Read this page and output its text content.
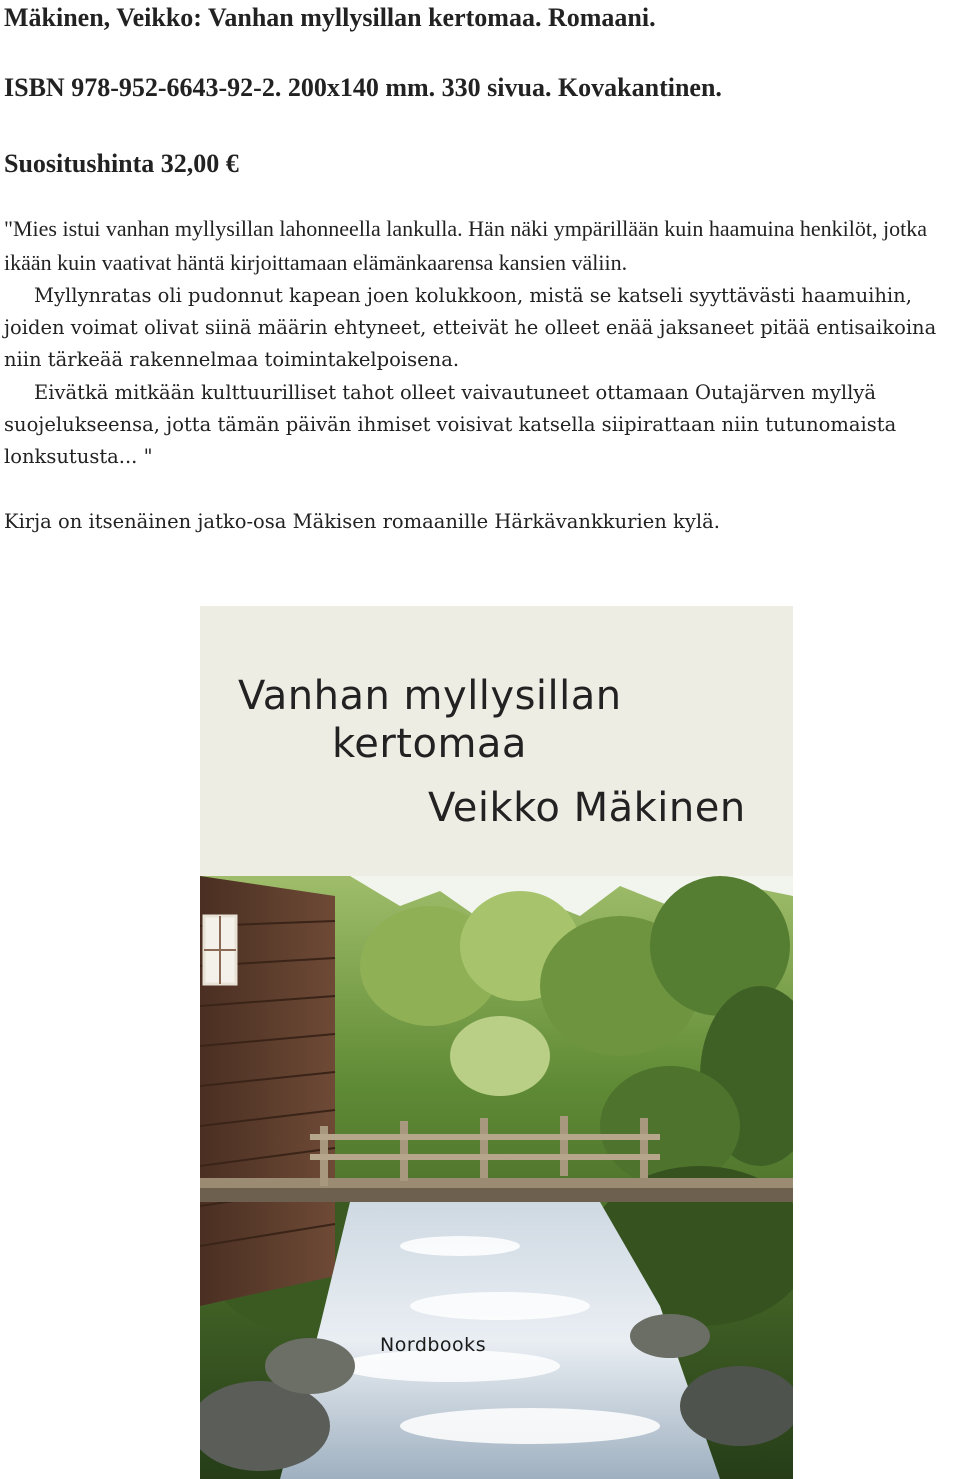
Mäkinen, Veikko: Vanhan myllysillan kertomaa. Romaani.

ISBN 978-952-6643-92-2. 200x140 mm. 330 sivua. Kovakantinen.

Suositushinta 32,00 €

"Mies istui vanhan myllysillan lahonneella lankulla. Hän näki ympärillään kuin haamuina henkilöt, jotka ikään kuin vaativat häntä kirjoittamaan elämänkaarensa kansien väliin.

Myllynratas oli pudonnut kapean joen kolukkoon, mistä se katseli syyttävästi haamuihin, joiden voimat olivat siinä määrin ehtyneet, etteivät he olleet enää jaksaneet pitää entisaikoina niin tärkeää rakennelmaa toimintakelpoisena.

Eivätkä mitkään kulttuurilliset tahot olleet vaivautuneet ottamaan Outajärven myllyä suojelukseensa, jotta tämän päivän ihmiset voisivat katsella siipirattaan niin tutunomaista lonksutusta... "

Kirja on itsenäinen jatko-osa Mäkisen romaanille Härkävankkurien kylä.

Vanhan myllysillan
kertomaa
Veikko Mäkinen
Nordbooks
